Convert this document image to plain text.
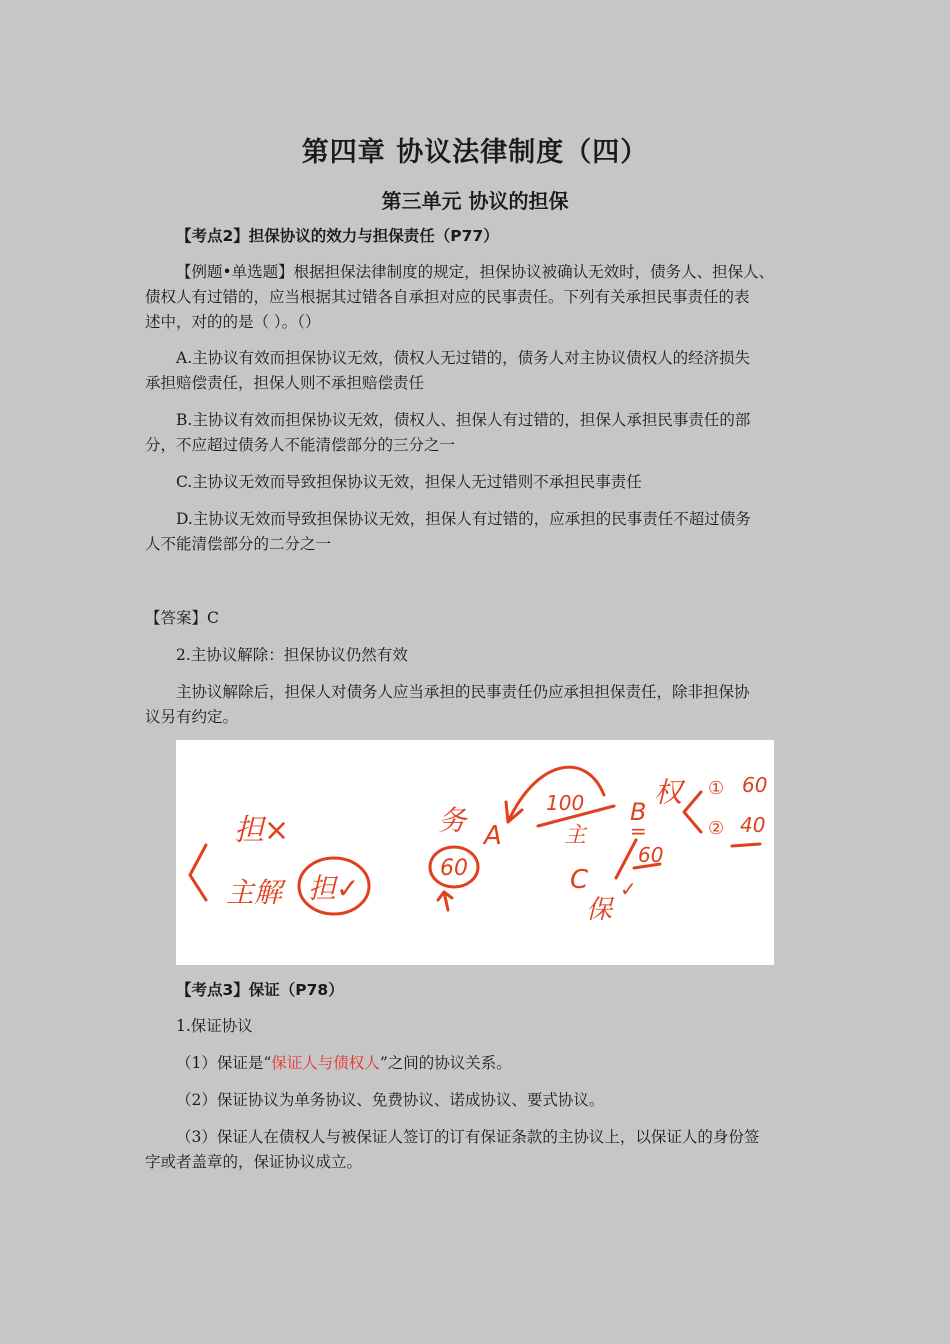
第四章 协议法律制度（四）
第三单元 协议的担保
【考点2】担保协议的效力与担保责任（P77）
【例题•单选题】根据担保法律制度的规定，担保协议被确认无效时，债务人、担保人、
债权人有过错的，应当根据其过错各自承担对应的民事责任。下列有关承担民事责任的表
述中，对的的是（ ）。（）
A.主协议有效而担保协议无效，债权人无过错的，债务人对主协议债权人的经济损失
承担赔偿责任，担保人则不承担赔偿责任
B.主协议有效而担保协议无效，债权人、担保人有过错的，担保人承担民事责任的部
分，不应超过债务人不能清偿部分的三分之一
C.主协议无效而导致担保协议无效，担保人无过错则不承担民事责任
D.主协议无效而导致担保协议无效，担保人有过错的，应承担的民事责任不超过债务
人不能清偿部分的二分之一
【答案】C
2.主协议解除：担保协议仍然有效
主协议解除后，担保人对债务人应当承担的民事责任仍应承担担保责任，除非担保协
议另有约定。
担×
主解 担✓
60
务 A
100
主
B
=
权 ① 60
② 40
60
C
保
✓
【考点3】保证（P78）
1.保证协议
（1）保证是“保证人与债权人”之间的协议关系。
（2）保证协议为单务协议、免费协议、诺成协议、要式协议。
（3）保证人在债权人与被保证人签订的订有保证条款的主协议上，以保证人的身份签
字或者盖章的，保证协议成立。
